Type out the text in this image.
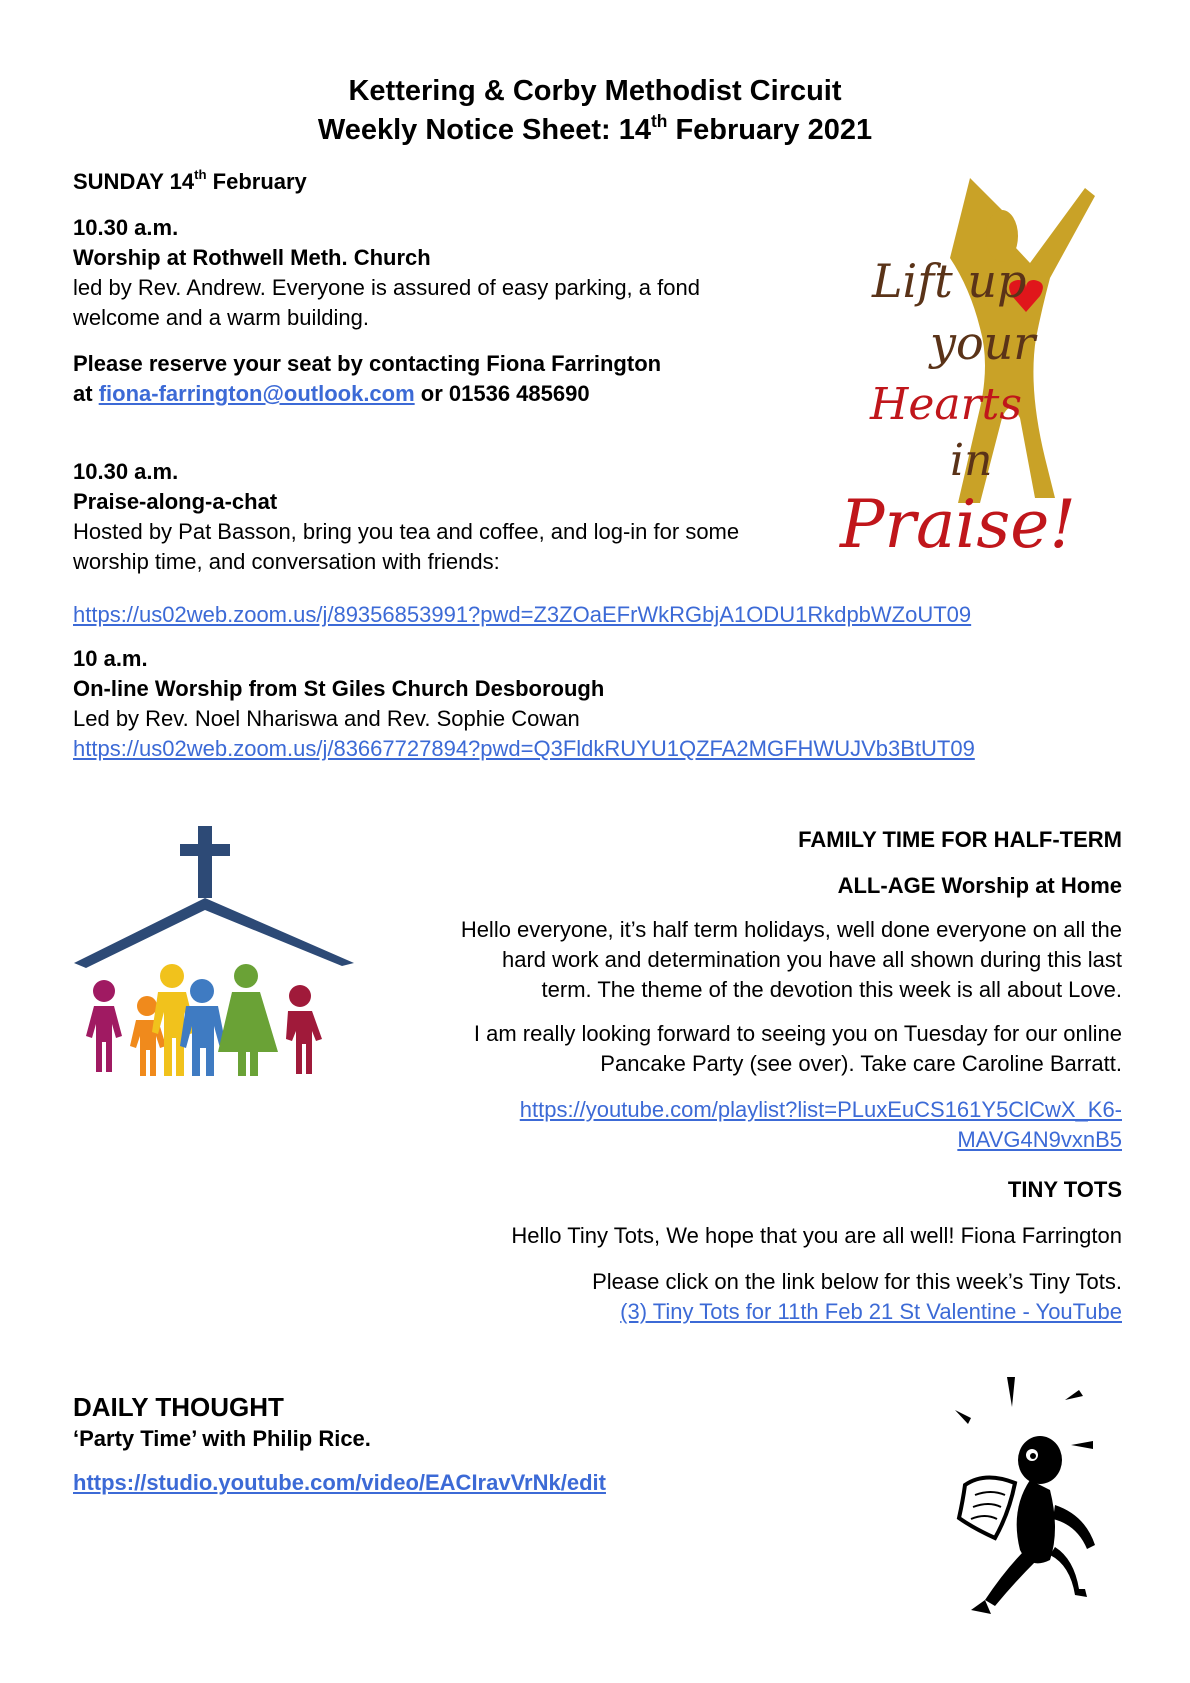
Kettering & Corby Methodist Circuit
Weekly Notice Sheet: 14th February 2021
SUNDAY 14th February
10.30 a.m.
Worship at Rothwell Meth. Church
led by Rev. Andrew. Everyone is assured of easy parking, a fond
welcome and a warm building.
Please reserve your seat by contacting Fiona Farrington
at fiona-farrington@outlook.com or 01536 485690
10.30 a.m.
Praise-along-a-chat
Hosted by Pat Basson, bring you tea and coffee, and log-in for some
worship time, and conversation with friends:
https://us02web.zoom.us/j/89356853991?pwd=Z3ZOaEFrWkRGbjA1ODU1RkdpbWZoUT09
10 a.m.
On-line Worship from St Giles Church Desborough
Led by Rev. Noel Nhariswa and Rev. Sophie Cowan
https://us02web.zoom.us/j/83667727894?pwd=Q3FldkRUYU1QZFA2MGFHWUJVb3BtUT09
Lift up
your
Hearts
in
Praise!
FAMILY TIME FOR HALF-TERM
ALL-AGE Worship at Home
Hello everyone, it’s half term holidays, well done everyone on all the
hard work and determination you have all shown during this last
term. The theme of the devotion this week is all about Love.
I am really looking forward to seeing you on Tuesday for our online
Pancake Party (see over). Take care Caroline Barratt.
https://youtube.com/playlist?list=PLuxEuCS161Y5ClCwX_K6-MAVG4N9vxnB5
TINY TOTS
Hello Tiny Tots, We hope that you are all well! Fiona Farrington
Please click on the link below for this week’s Tiny Tots.
(3) Tiny Tots for 11th Feb 21 St Valentine - YouTube
DAILY THOUGHT
‘Party Time’ with Philip Rice.
https://studio.youtube.com/video/EACIravVrNk/edit
